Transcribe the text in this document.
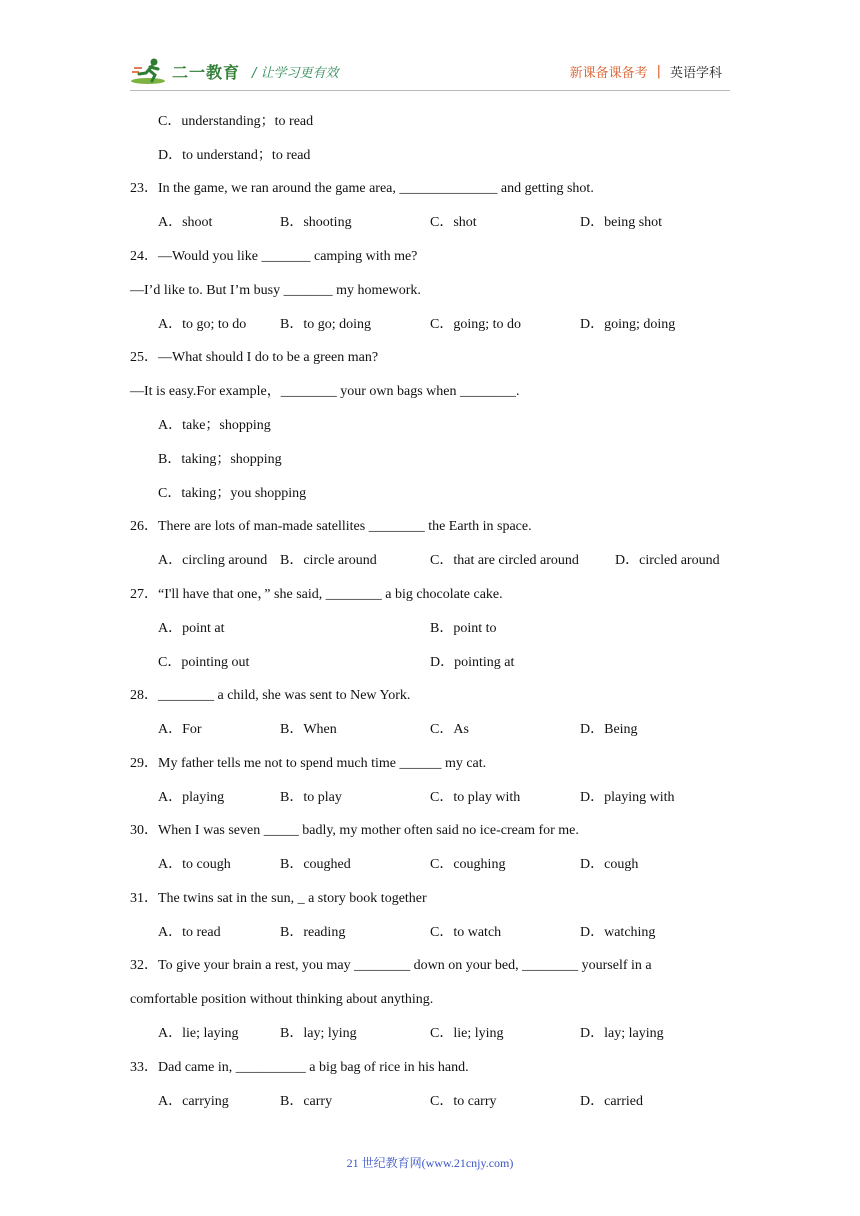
二一教育 / 让学习更有效	新课备课备考 | 英语学科
C．understanding；to read
D．to understand；to read
23．In the game, we ran around the game area, ______________ and getting shot.
A．shoot	B．shooting	C．shot	D．being shot
24．—Would you like _______ camping with me?
—I’d like to. But I’m busy _______ my homework.
A．to go; to do B．to go; doing	C．going; to do	D．going; doing
25．—What should I do to be a green man?
—It is easy.For example，________ your own bags when ________.
A．take；shopping
B．taking；shopping
C．taking；you shopping
26．There are lots of man-made satellites ________ the Earth in space.
A．circling around B．circle around	C．that are circled around	D．circled around
27．“I'll have that one，” she said, ________ a big chocolate cake.
A．point at	B．point to
C．pointing out	D．pointing at
28．________ a child, she was sent to New York.
A．For	B．When	C．As	D．Being
29．My father tells me not to spend much time ______ my cat.
A．playing	B．to play	C．to play with	D．playing with
30．When I was seven _____ badly, my mother often said no ice-cream for me.
A．to cough	B．coughed	C．coughing	D．cough
31．The twins sat in the sun, _ a story book together
A．to read	B．reading	C．to watch	D．watching
32．To give your brain a rest, you may ________ down on your bed, ________ yourself in a
comfortable position without thinking about anything.
A．lie; laying	B．lay; lying	C．lie; lying	D．lay; laying
33．Dad came in, __________ a big bag of rice in his hand.
A．carrying	B．carry	C．to carry	D．carried
21 世纪教育网(www.21cnjy.com)
